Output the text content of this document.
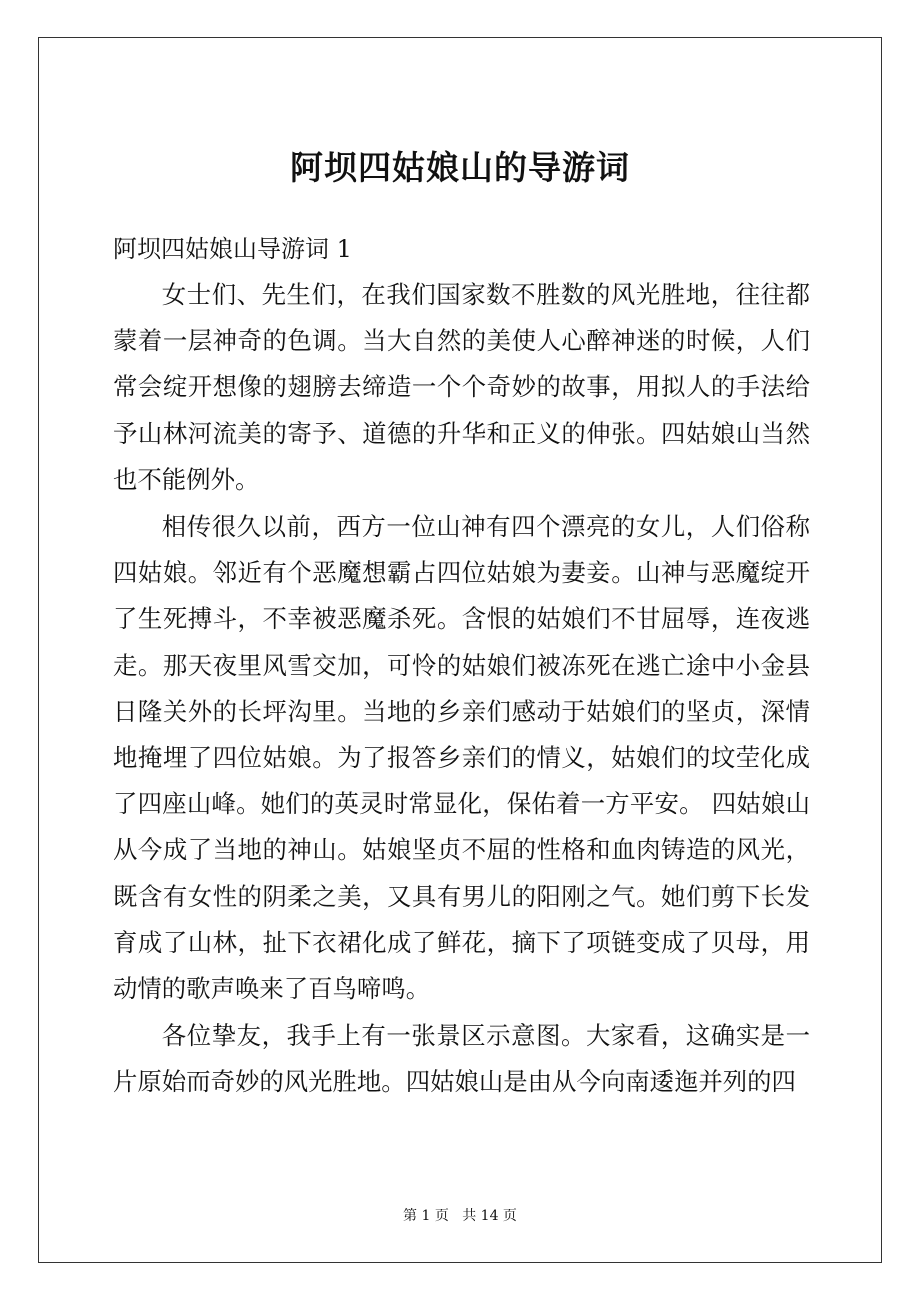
阿坝四姑娘山的导游词

阿坝四姑娘山导游词 1

女士们、先生们，在我们国家数不胜数的风光胜地，往往都蒙着一层神奇的色调。当大自然的美使人心醉神迷的时候，人们常会绽开想像的翅膀去缔造一个个奇妙的故事，用拟人的手法给予山林河流美的寄予、道德的升华和正义的伸张。四姑娘山当然也不能例外。

相传很久以前，西方一位山神有四个漂亮的女儿，人们俗称四姑娘。邻近有个恶魔想霸占四位姑娘为妻妾。山神与恶魔绽开了生死搏斗，不幸被恶魔杀死。含恨的姑娘们不甘屈辱，连夜逃走。那天夜里风雪交加，可怜的姑娘们被冻死在逃亡途中小金县日隆关外的长坪沟里。当地的乡亲们感动于姑娘们的坚贞，深情地掩埋了四位姑娘。为了报答乡亲们的情义，姑娘们的坟茔化成了四座山峰。她们的英灵时常显化，保佑着一方平安。 四姑娘山从今成了当地的神山。姑娘坚贞不屈的性格和血肉铸造的风光，既含有女性的阴柔之美，又具有男儿的阳刚之气。她们剪下长发育成了山林，扯下衣裙化成了鲜花，摘下了项链变成了贝母，用动情的歌声唤来了百鸟啼鸣。

各位挚友，我手上有一张景区示意图。大家看，这确实是一片原始而奇妙的风光胜地。四姑娘山是由从今向南逶迤并列的四

第 1 页 共 14 页
